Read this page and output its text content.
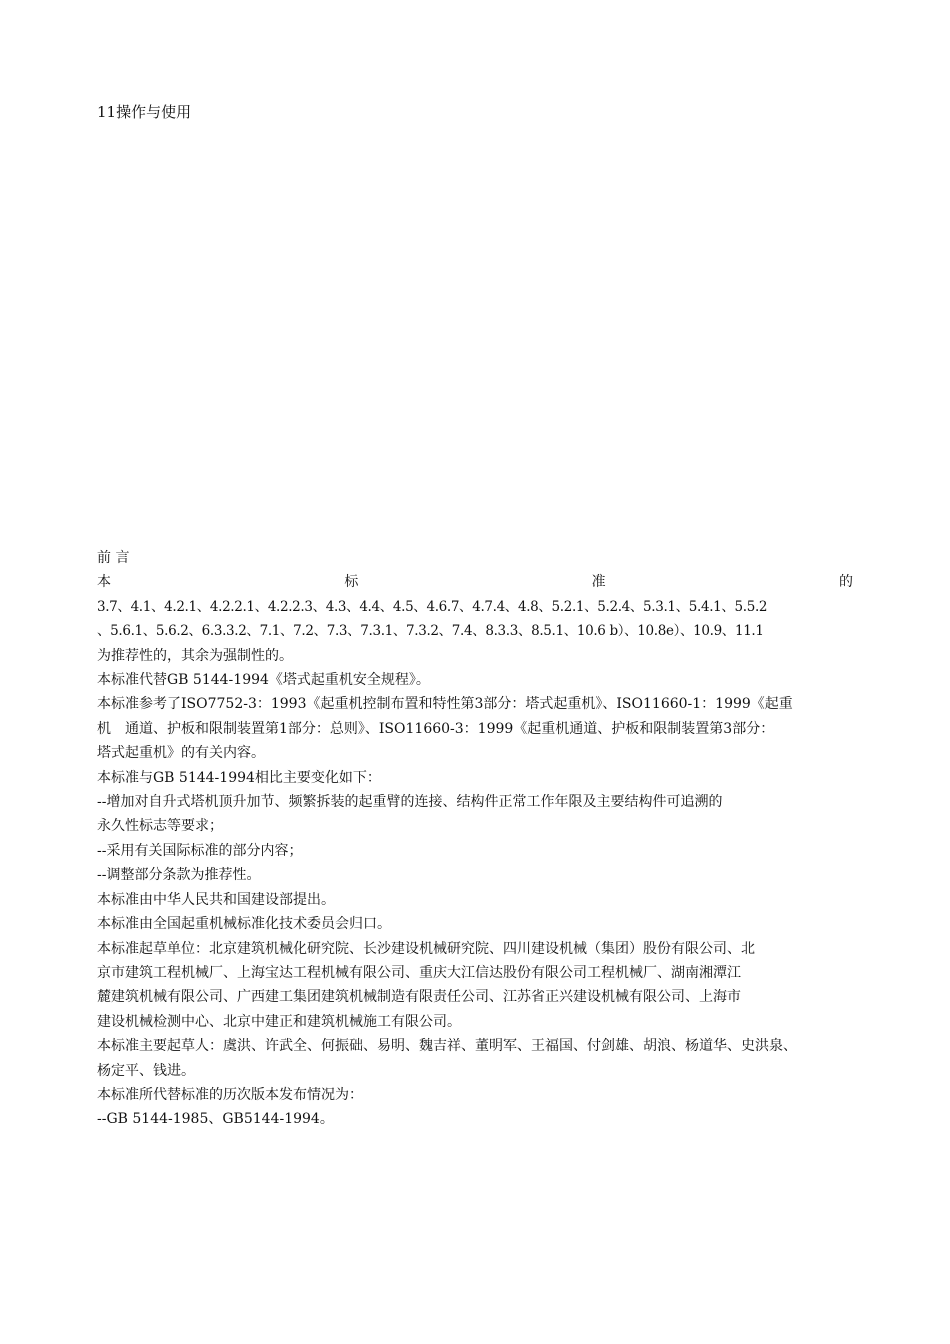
11操作与使用

前 言

本	标	准	的

3.7、4.1、4.2.1、4.2.2.1、4.2.2.3、4.3、4.4、4.5、4.6.7、4.7.4、4.8、5.2.1、5.2.4、5.3.1、5.4.1、5.5.2

、5.6.1、5.6.2、6.3.3.2、7.1、7.2、7.3、7.3.1、7.3.2、7.4、8.3.3、8.5.1、10.6 b）、10.8e）、10.9、11.1

为推荐性的，其余为强制性的。

本标准代替GB 5144-1994《塔式起重机安全规程》。

本标准参考了ISO7752-3：1993《起重机控制布置和特性第3部分：塔式起重机》、ISO11660-1：1999《起重

机　通道、护板和限制装置第1部分：总则》、ISO11660-3：1999《起重机通道、护板和限制装置第3部分：

塔式起重机》的有关内容。

本标准与GB 5144-1994相比主要变化如下：

--增加对自升式塔机顶升加节、频繁拆装的起重臂的连接、结构件正常工作年限及主要结构件可追溯的

永久性标志等要求；

--采用有关国际标准的部分内容；

--调整部分条款为推荐性。

本标准由中华人民共和国建设部提出。

本标准由全国起重机械标准化技术委员会归口。

本标准起草单位：北京建筑机械化研究院、长沙建设机械研究院、四川建设机械（集团）股份有限公司、北

京市建筑工程机械厂、上海宝达工程机械有限公司、重庆大江信达股份有限公司工程机械厂、湖南湘潭江

麓建筑机械有限公司、广西建工集团建筑机械制造有限责任公司、江苏省正兴建设机械有限公司、上海市

建设机械检测中心、北京中建正和建筑机械施工有限公司。

本标准主要起草人：虞洪、许武全、何振础、易明、魏吉祥、董明军、王福国、付剑雄、胡浪、杨道华、史洪泉、

杨定平、钱进。

本标准所代替标准的历次版本发布情况为：

--GB 5144-1985、GB5144-1994。
